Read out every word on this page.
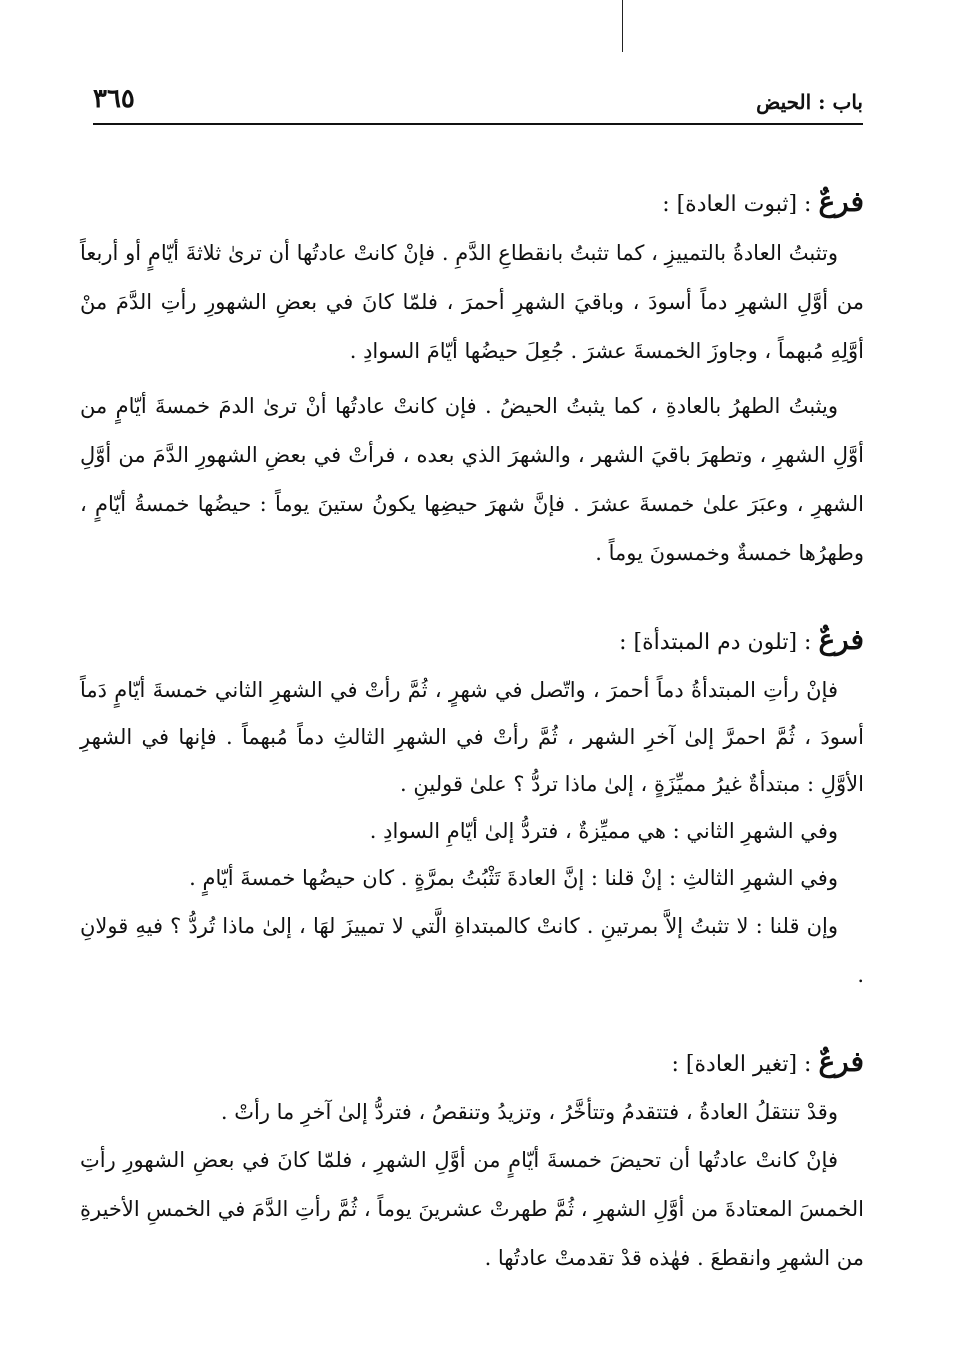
باب : الحيض
٣٦٥

فرعٌ : [ثبوت العادة] :

وتثبتُ العادةُ بالتمييزِ ، كما تثبتُ بانقطاعِ الدَّمِ . فإنْ كانتْ عادتُها أن ترىٰ ثلاثةَ أيّامٍ أو أربعاً من أوَّلِ الشهرِ دماً أسودَ ، وباقيَ الشهرِ أحمرَ ، فلمّا كانَ في بعضِ الشهورِ رأتِ الدَّمَ منْ أوَّلِهِ مُبهماً ، وجاوزَ الخمسةَ عشرَ . جُعِلَ حيضُها أيّامَ السوادِ .

ويثبتُ الطهرُ بالعادةِ ، كما يثبتُ الحيضُ . فإن كانتْ عادتُها أنْ ترىٰ الدمَ خمسةَ أيّامٍ من أوَّلِ الشهرِ ، وتطهرَ باقيَ الشهر ، والشهرَ الذي بعده ، فرأتْ في بعضِ الشهورِ الدَّمَ من أوَّلِ الشهرِ ، وعبَرَ علىٰ خمسةَ عشرَ . فإنَّ شهرَ حيضِها يكونُ ستينَ يوماً : حيضُها خمسةُ أيّامٍ ، وطهرُها خمسةٌ وخمسونَ يوماً .

فرعٌ : [تلون دم المبتدأة] :

فإنْ رأتِ المبتدأةُ دماً أحمرَ ، واتّصل في شهرٍ ، ثُمَّ رأتْ في الشهرِ الثاني خمسةَ أيّامٍ دَماً أسودَ ، ثُمَّ احمرَّ إلىٰ آخرِ الشهر ، ثُمَّ رأتْ في الشهرِ الثالثِ دماً مُبهماً . فإنها في الشهرِ الأوَّلِ : مبتدأةٌ غيرُ مميِّزَةٍ ، إلىٰ ماذا تردُّ ؟ علىٰ قولينِ .

وفي الشهرِ الثاني : هي مميِّزةٌ ، فتردُّ إلىٰ أيّامِ السوادِ .

وفي الشهرِ الثالثِ : إنْ قلنا : إنَّ العادةَ تَثْبُتُ بمرَّةٍ . كان حيضُها خمسةَ أيّامٍ .

وإن قلنا : لا تثبتُ إلاَّ بمرتينِ . كانتْ كالمبتداةِ الَّتي لا تمييزَ لهَا ، إلىٰ ماذا تُردُّ ؟ فيهِ قولانِ .

فرعٌ : [تغير العادة] :

وقدْ تنتقلُ العادةُ ، فتتقدمُ وتتأخَّرُ ، وتزيدُ وتنقصُ ، فتردُّ إلىٰ آخرِ ما رأتْ .

فإنْ كانتْ عادتُها أن تحيضَ خمسةَ أيّامٍ من أوَّلِ الشهرِ ، فلمّا كانَ في بعضِ الشهورِ رأتِ الخمسَ المعتادةَ من أوَّلِ الشهرِ ، ثُمَّ طهرتْ عشرينَ يوماً ، ثُمَّ رأتِ الدَّمَ في الخمسِ الأخيرةِ من الشهرِ وانقطعَ . فهٰذه قدْ تقدمتْ عادتُها .
